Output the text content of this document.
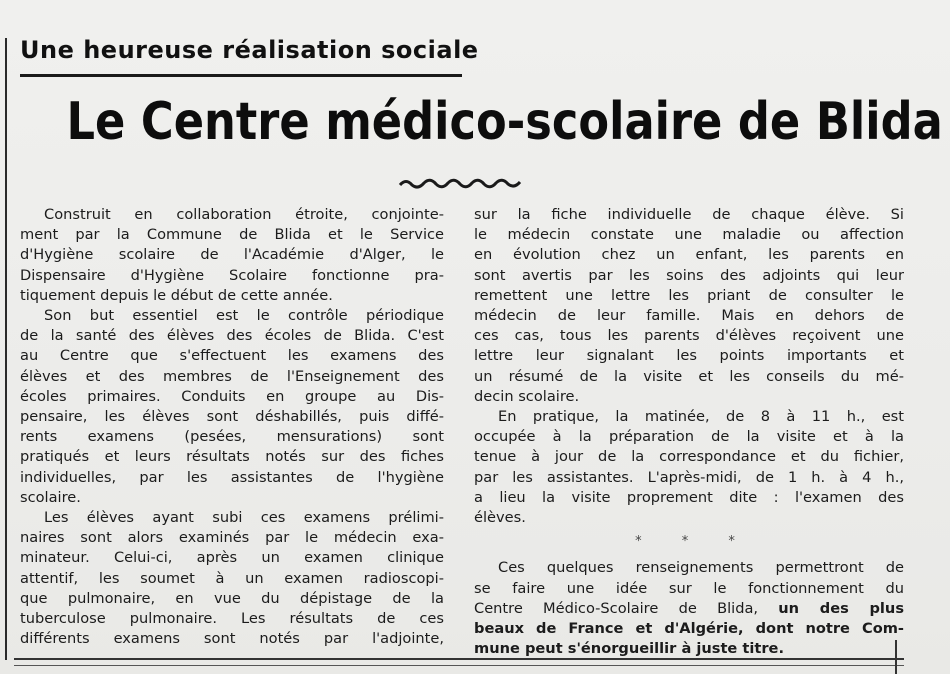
Une heureuse réalisation sociale
Le Centre médico-scolaire de Blida
Construit en collaboration étroite, conjointe-
ment par la Commune de Blida et le Service
d'Hygiène scolaire de l'Académie d'Alger, le
Dispensaire d'Hygiène Scolaire fonctionne pra-
tiquement depuis le début de cette année.
Son but essentiel est le contrôle périodique
de la santé des élèves des écoles de Blida. C'est
au Centre que s'effectuent les examens des
élèves et des membres de l'Enseignement des
écoles primaires. Conduits en groupe au Dis-
pensaire, les élèves sont déshabillés, puis diffé-
rents examens (pesées, mensurations) sont
pratiqués et leurs résultats notés sur des fiches
individuelles, par les assistantes de l'hygiène
scolaire.
Les élèves ayant subi ces examens prélimi-
naires sont alors examinés par le médecin exa-
minateur. Celui-ci, après un examen clinique
attentif, les soumet à un examen radioscopi-
que pulmonaire, en vue du dépistage de la
tuberculose pulmonaire. Les résultats de ces
différents examens sont notés par l'adjointe,
sur la fiche individuelle de chaque élève. Si
le médecin constate une maladie ou affection
en évolution chez un enfant, les parents en
sont avertis par les soins des adjoints qui leur
remettent une lettre les priant de consulter le
médecin de leur famille. Mais en dehors de
ces cas, tous les parents d'élèves reçoivent une
lettre leur signalant les points importants et
un résumé de la visite et les conseils du mé-
decin scolaire.
En pratique, la matinée, de 8 à 11 h., est
occupée à la préparation de la visite et à la
tenue à jour de la correspondance et du fichier,
par les assistantes. L'après-midi, de 1 h. à 4 h.,
a lieu la visite proprement dite : l'examen des
élèves.
* * *
Ces quelques renseignements permettront de
se faire une idée sur le fonctionnement du
Centre Médico-Scolaire de Blida, un des plus
beaux de France et d'Algérie, dont notre Com-
mune peut s'énorgueillir à juste titre.
